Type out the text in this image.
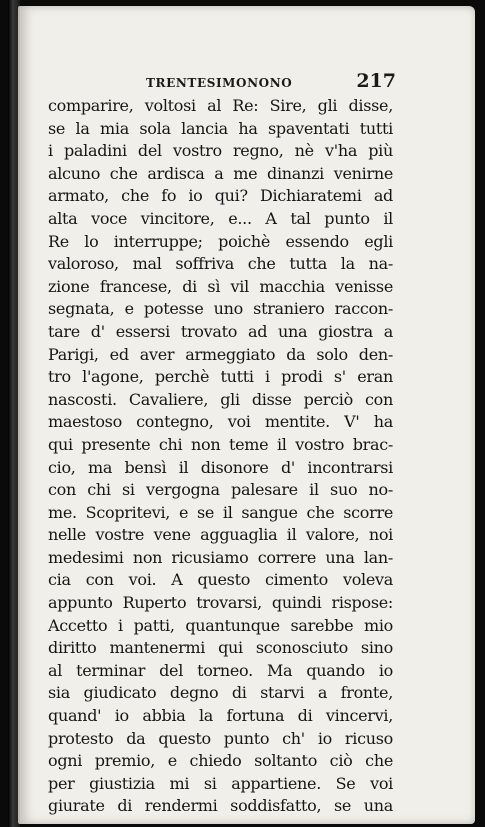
TRENTESIMONONO	217
comparire, voltosi al Re: Sire, gli disse,
se la mia sola lancia ha spaventati tutti
i paladini del vostro regno, nè v'ha più
alcuno che ardisca a me dinanzi venirne
armato, che fo io qui? Dichiaratemi ad
alta voce vincitore, e... A tal punto il
Re lo interruppe; poichè essendo egli
valoroso, mal soffriva che tutta la na-
zione francese, di sì vil macchia venisse
segnata, e potesse uno straniero raccon-
tare d' essersi trovato ad una giostra a
Parigi, ed aver armeggiato da solo den-
tro l'agone, perchè tutti i prodi s' eran
nascosti. Cavaliere, gli disse perciò con
maestoso contegno, voi mentite. V' ha
qui presente chi non teme il vostro brac-
cio, ma bensì il disonore d' incontrarsi
con chi si vergogna palesare il suo no-
me. Scopritevi, e se il sangue che scorre
nelle vostre vene agguaglia il valore, noi
medesimi non ricusiamo correre una lan-
cia con voi. A questo cimento voleva
appunto Ruperto trovarsi, quindi rispose:
Accetto i patti, quantunque sarebbe mio
diritto mantenermi qui sconosciuto sino
al terminar del torneo. Ma quando io
sia giudicato degno di starvi a fronte,
quand' io abbia la fortuna di vincervi,
protesto da questo punto ch' io ricuso
ogni premio, e chiedo soltanto ciò che
per giustizia mi si appartiene. Se voi
giurate di rendermi soddisfatto, se una
